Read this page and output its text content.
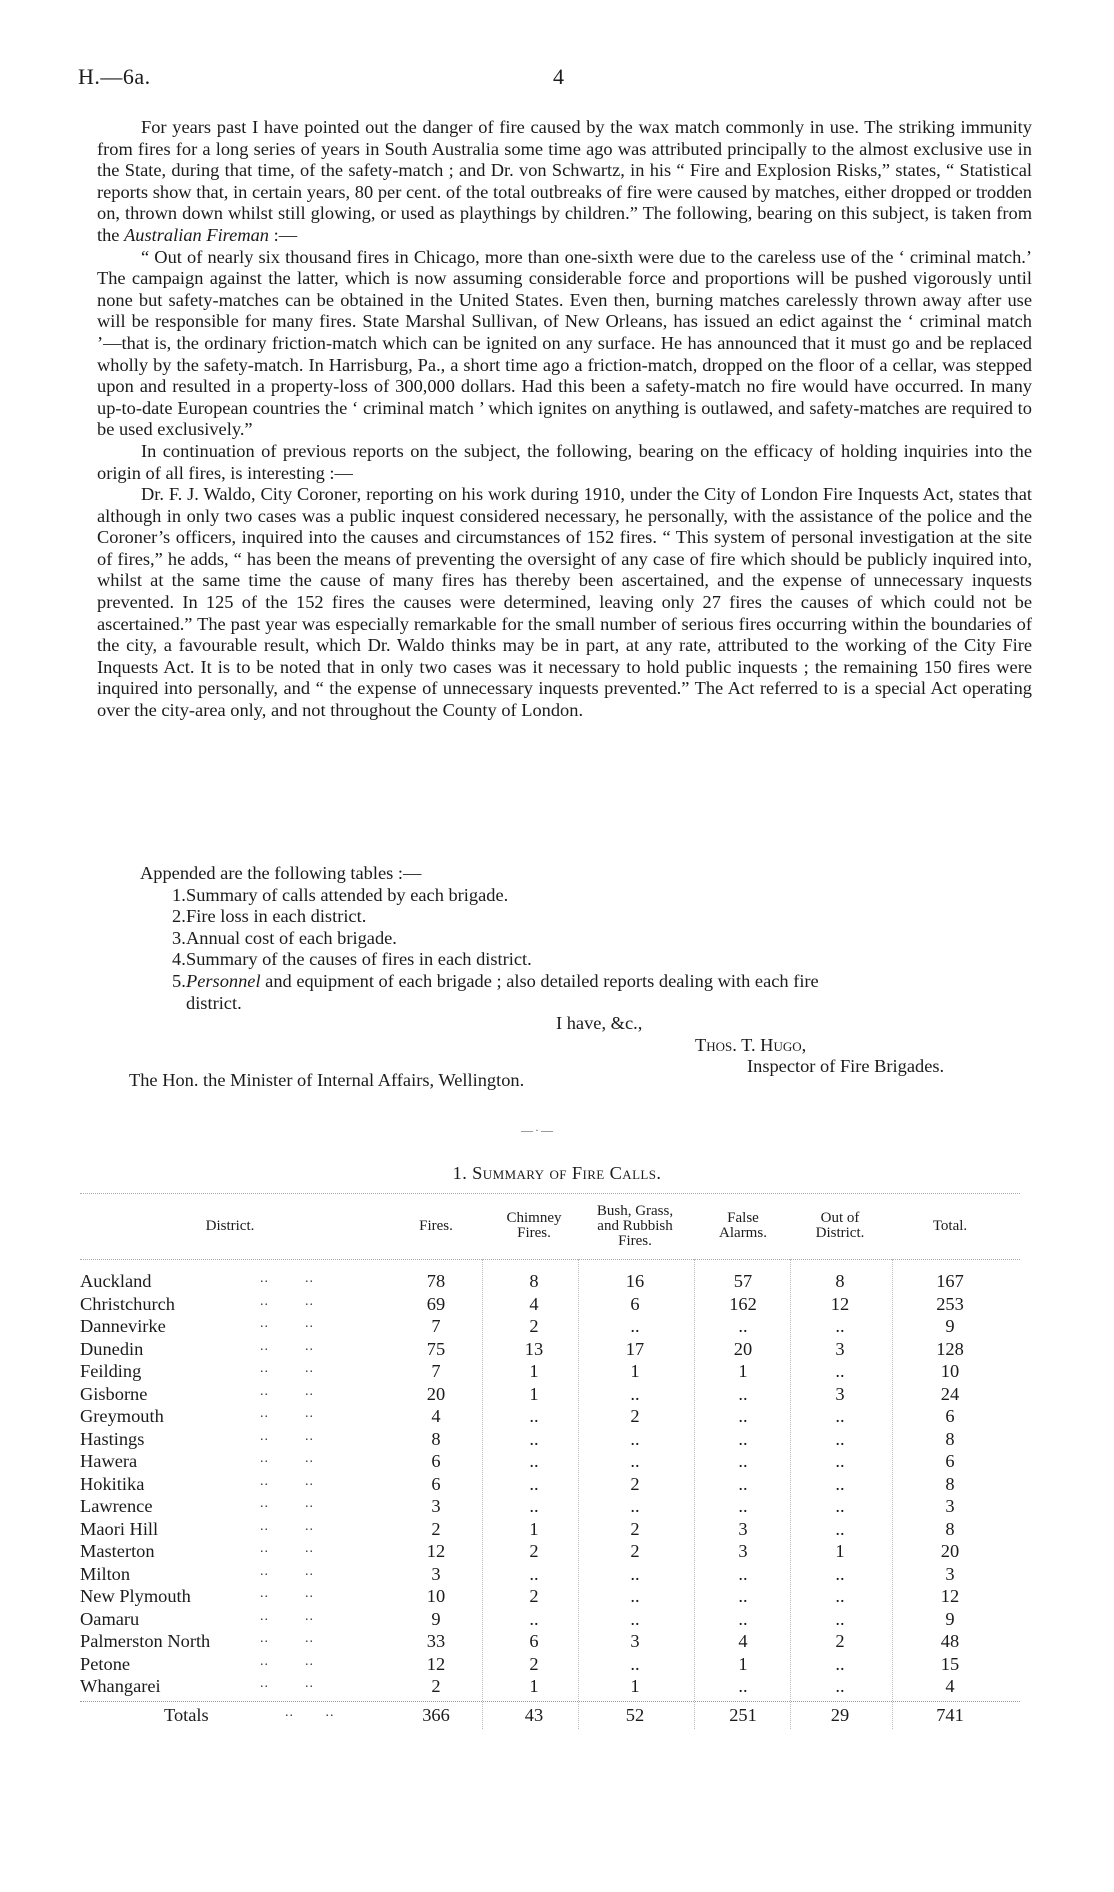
H.—6a.	4

For years past I have pointed out the danger of fire caused by the wax match commonly in use. The striking immunity from fires for a long series of years in South Australia some time ago was attributed principally to the almost exclusive use in the State, during that time, of the safety-match ; and Dr. von Schwartz, in his “ Fire and Explosion Risks,” states, “ Statistical reports show that, in certain years, 80 per cent. of the total outbreaks of fire were caused by matches, either dropped or trodden on, thrown down whilst still glowing, or used as playthings by children.” The following, bearing on this subject, is taken from the Australian Fireman :—

“ Out of nearly six thousand fires in Chicago, more than one-sixth were due to the careless use of the ‘ criminal match.’ The campaign against the latter, which is now assuming considerable force and proportions will be pushed vigorously until none but safety-matches can be obtained in the United States. Even then, burning matches carelessly thrown away after use will be responsible for many fires. State Marshal Sullivan, of New Orleans, has issued an edict against the ‘ criminal match ’—that is, the ordinary friction-match which can be ignited on any surface. He has announced that it must go and be replaced wholly by the safety-match. In Harrisburg, Pa., a short time ago a friction-match, dropped on the floor of a cellar, was stepped upon and resulted in a property-loss of 300,000 dollars. Had this been a safety-match no fire would have occurred. In many up-to-date European countries the ‘ criminal match ’ which ignites on anything is outlawed, and safety-matches are required to be used exclusively.”

In continuation of previous reports on the subject, the following, bearing on the efficacy of holding inquiries into the origin of all fires, is interesting :—

Dr. F. J. Waldo, City Coroner, reporting on his work during 1910, under the City of London Fire Inquests Act, states that although in only two cases was a public inquest considered necessary, he personally, with the assistance of the police and the Coroner’s officers, inquired into the causes and circumstances of 152 fires. “ This system of personal investigation at the site of fires,” he adds, “ has been the means of preventing the oversight of any case of fire which should be publicly inquired into, whilst at the same time the cause of many fires has thereby been ascertained, and the expense of unnecessary inquests prevented. In 125 of the 152 fires the causes were determined, leaving only 27 fires the causes of which could not be ascertained.” The past year was especially remarkable for the small number of serious fires occurring within the boundaries of the city, a favourable result, which Dr. Waldo thinks may be in part, at any rate, attributed to the working of the City Fire Inquests Act. It is to be noted that in only two cases was it necessary to hold public inquests ; the remaining 150 fires were inquired into personally, and “ the expense of unnecessary inquests prevented.” The Act referred to is a special Act operating over the city-area only, and not throughout the County of London.

Appended are the following tables :—

1. Summary of calls attended by each brigade.
2. Fire loss in each district.
3. Annual cost of each brigade.
4. Summary of the causes of fires in each district.
5. Personnel and equipment of each brigade ; also detailed reports dealing with each fire
district.
I have, &c.,
Thos. T. Hugo,
Inspector of Fire Brigades.
The Hon. the Minister of Internal Affairs, Wellington.
—·—
1. Summary of Fire Calls.
District.	Fires.	Chimney
Fires.
Bush, Grass,
and Rubbish
Fires.
False
Alarms.
Out of
District.	Total.
Auckland	..        ..	78	8	16	57	8	167
Christchurch	..        ..	69	4	6	162	12	253
Dannevirke	..        ..	7	2	..	..	..	9
Dunedin	..        ..	75	13	17	20	3	128
Feilding	..        ..	7	1	1	1	..	10
Gisborne	..        ..	20	1	..	..	3	24
Greymouth	..        ..	4	..	2	..	..	6
Hastings	..        ..	8	..	..	..	..	8
Hawera	..        ..	6	..	..	..	..	6
Hokitika	..        ..	6	..	2	..	..	8
Lawrence	..        ..	3	..	..	..	..	3
Maori Hill	..        ..	2	1	2	3	..	8
Masterton	..        ..	12	2	2	3	1	20
Milton	..        ..	3	..	..	..	..	3
New Plymouth	..        ..	10	2	..	..	..	12
Oamaru	..        ..	9	..	..	..	..	9
Palmerston North	..        ..	33	6	3	4	2	48
Petone	..        ..	12	2	..	1	..	15
Whangarei	..        ..	2	1	1	..	..	4
Totals	..       ..	366	43	52	251	29	741
